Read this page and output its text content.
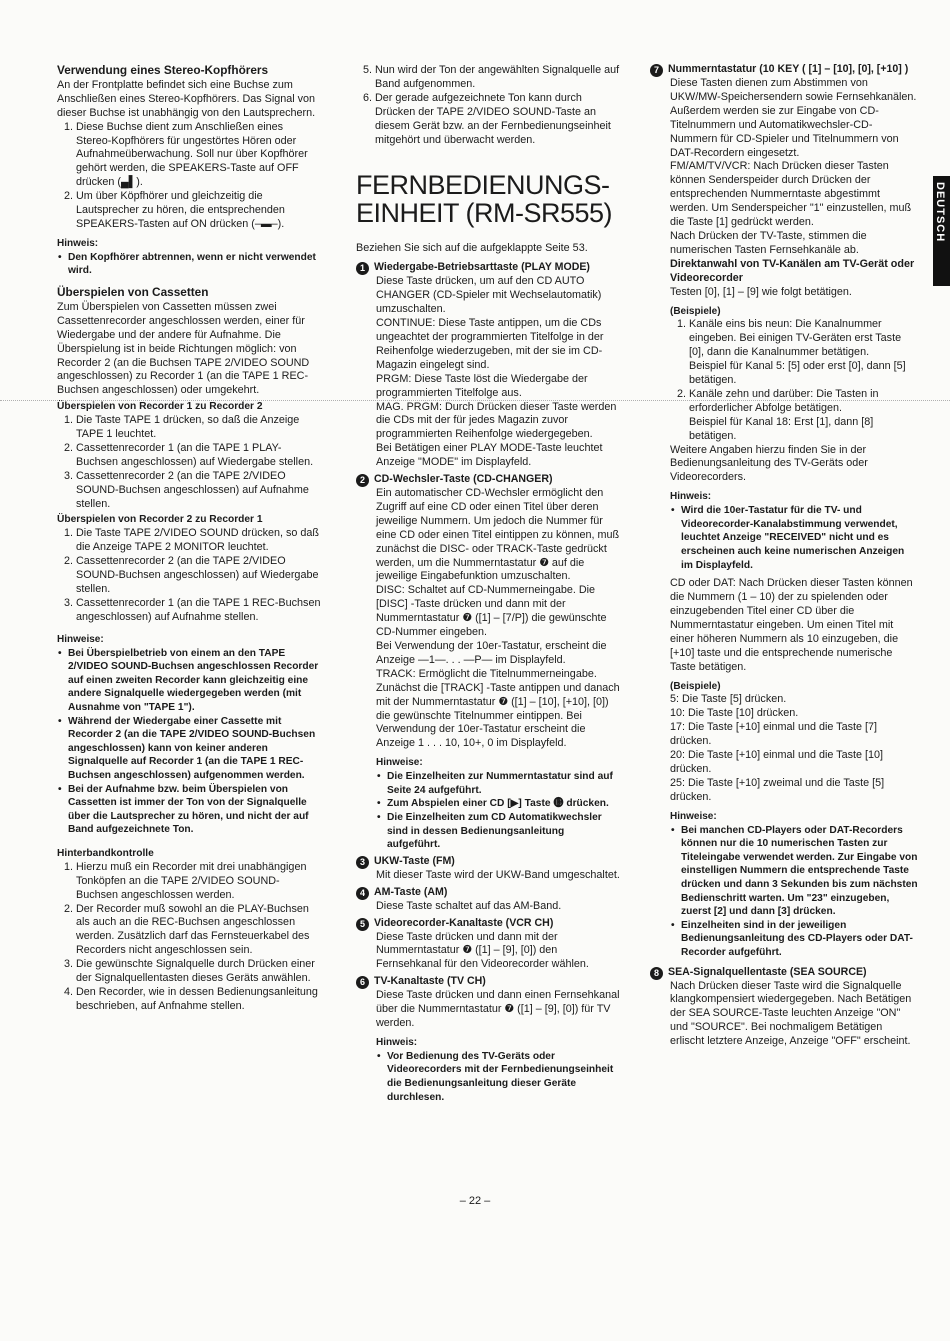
DEUTSCH

Verwendung eines Stereo-Kopfhörers

An der Frontplatte befindet sich eine Buchse zum Anschließen eines Stereo-Kopfhörers. Das Signal von dieser Buchse ist unabhängig von den Lautsprechern.

1. Diese Buchse dient zum Anschließen eines Stereo-Kopfhörers für ungestörtes Hören oder Aufnahmeüberwachung. Soll nur über Kopfhörer gehört werden, die SPEAKERS-Taste auf OFF drücken (▄▌).
2. Um über Köpfhörer und gleichzeitig die Lautsprecher zu hören, die entsprechenden SPEAKERS-Tasten auf ON drücken (–▬–).

Hinweis:

• Den Kopfhörer abtrennen, wenn er nicht verwendet wird.

Überspielen von Cassetten

Zum Überspielen von Cassetten müssen zwei Cassettenrecorder angeschlossen werden, einer für Wiedergabe und der andere für Aufnahme. Die Überspielung ist in beide Richtungen möglich: von Recorder 2 (an die Buchsen TAPE 2/VIDEO SOUND angeschlossen) zu Recorder 1 (an die TAPE 1 REC-Buchsen angeschlossen) oder umgekehrt.

Überspielen von Recorder 1 zu Recorder 2

1. Die Taste TAPE 1 drücken, so daß die Anzeige TAPE 1 leuchtet.
2. Cassettenrecorder 1 (an die TAPE 1 PLAY-Buchsen angeschlossen) auf Wiedergabe stellen.
3. Cassettenrecorder 2 (an die TAPE 2/VIDEO SOUND-Buchsen angeschlossen) auf Aufnahme stellen.

Überspielen von Recorder 2 zu Recorder 1

1. Die Taste TAPE 2/VIDEO SOUND drücken, so daß die Anzeige TAPE 2 MONITOR leuchtet.
2. Cassettenrecorder 2 (an die TAPE 2/VIDEO SOUND-Buchsen angeschlossen) auf Wiedergabe stellen.
3. Cassettenrecorder 1 (an die TAPE 1 REC-Buchsen angeschlossen) auf Aufnahme stellen.

Hinweise:

• Bei Überspielbetrieb von einem an den TAPE 2/VIDEO SOUND-Buchsen angeschlossen Recorder auf einen zweiten Recorder kann gleichzeitig eine andere Signalquelle wiedergegeben werden (mit Ausnahme von "TAPE 1").
• Während der Wiedergabe einer Cassette mit Recorder 2 (an die TAPE 2/VIDEO SOUND-Buchsen angeschlossen) kann von keiner anderen Signalquelle auf Recorder 1 (an die TAPE 1 REC-Buchsen angeschlossen) aufgenommen werden.
• Bei der Aufnahme bzw. beim Überspielen von Cassetten ist immer der Ton von der Signalquelle über die Lautsprecher zu hören, und nicht der auf Band aufgezeichnete Ton.

Hinterbandkontrolle

1. Hierzu muß ein Recorder mit drei unabhängigen Tonköpfen an die TAPE 2/VIDEO SOUND-Buchsen angeschlossen werden.
2. Der Recorder muß sowohl an die PLAY-Buchsen als auch an die REC-Buchsen angeschlossen werden. Zusätzlich darf das Fernsteuerkabel des Recorders nicht angeschlossen sein.
3. Die gewünschte Signalquelle durch Drücken einer der Signalquellentasten dieses Geräts anwählen.
4. Den Recorder, wie in dessen Bedienungsanleitung beschrieben, auf Anfnahme stellen.
5. Nun wird der Ton der angewählten Signalquelle auf Band aufgenommen.
6. Der gerade aufgezeichnete Ton kann durch Drücken der TAPE 2/VIDEO SOUND-Taste an diesem Gerät bzw. an der Fernbedienungseinheit mitgehört und überwacht werden.
FERNBEDIENUNGS-
EINHEIT (RM-SR555)

Beziehen Sie sich auf die aufgeklappte Seite 53.

1 Wiedergabe-Betriebsarttaste (PLAY MODE)

Diese Taste drücken, um auf den CD AUTO CHANGER (CD-Spieler mit Wechselautomatik) umzuschalten.

CONTINUE: Diese Taste antippen, um die CDs ungeachtet der programmierten Titelfolge in der Reihenfolge wiederzugeben, mit der sie im CD-Magazin eingelegt sind.

PRGM: Diese Taste löst die Wiedergabe der programmierten Titelfolge aus.

MAG. PRGM: Durch Drücken dieser Taste werden die CDs mit der für jedes Magazin zuvor programmierten Reihenfolge wiedergegeben.

Bei Betätigen einer PLAY MODE-Taste leuchtet Anzeige "MODE" im Displayfeld.

2 CD-Wechsler-Taste (CD-CHANGER)

Ein automatischer CD-Wechsler ermöglicht den Zugriff auf eine CD oder einen Titel über deren jeweilige Nummern. Um jedoch die Nummer für eine CD oder einen Titel eintippen zu können, muß zunächst die DISC- oder TRACK-Taste gedrückt werden, um die Nummerntastatur ❼ auf die jeweilige Eingabefunktion umzuschalten.

DISC: Schaltet auf CD-Nummerneingabe. Die [DISC] -Taste drücken und dann mit der Nummerntastatur ❼ ([1] – [7/P]) die gewünschte CD-Nummer eingeben.

Bei Verwendung der 10er-Tastatur, erscheint die Anzeige —1—. . . —P— im Displayfeld.

TRACK: Ermöglicht die Titelnummerneingabe. Zunächst die [TRACK] -Taste antippen und danach mit der Nummerntastatur ❼ ([1] – [10], [+10], [0]) die gewünschte Titelnummer eintippen. Bei Verwendung der 10er-Tastatur erscheint die Anzeige 1 . . . 10, 10+, 0 im Displayfeld.

Hinweise:

• Die Einzelheiten zur Nummerntastatur sind auf Seite 24 aufgeführt.
• Zum Abspielen einer CD [▶] Taste ⓭ drücken.
• Die Einzelheiten zum CD Automatikwechsler sind in dessen Bedienungsanleitung aufgeführt.

3 UKW-Taste (FM)

Mit dieser Taste wird der UKW-Band umgeschaltet.

4 AM-Taste (AM)

Diese Taste schaltet auf das AM-Band.

5 Videorecorder-Kanaltaste (VCR CH)

Diese Taste drücken und dann mit der Nummerntastatur ❼ ([1] – [9], [0]) den Fernsehkanal für den Videorecorder wählen.

6 TV-Kanaltaste (TV CH)

Diese Taste drücken und dann einen Fernsehkanal über die Nummerntastatur ❼ ([1] – [9], [0]) für TV werden.

Hinweis:

• Vor Bedienung des TV-Geräts oder Videorecorders mit der Fernbedienungseinheit die Bedienungsanleitung dieser Geräte durchlesen.

7 Nummerntastatur (10 KEY ( [1] – [10], [0], [+10] )

Diese Tasten dienen zum Abstimmen von UKW/MW-Speichersendern sowie Fernsehkanälen. Außerdem werden sie zur Eingabe von CD-Titelnummern und Automatikwechsler-CD-Nummern für CD-Spieler und Titelnummern von DAT-Recordern eingesetzt.

FM/AM/TV/VCR: Nach Drücken dieser Tasten können Senderspeider durch Drücken der entsprechenden Nummerntaste abgestimmt werden. Um Senderspeicher "1" einzustellen, muß die Taste [1] gedrückt werden.

Nach Drücken der TV-Taste, stimmen die numerischen Tasten Fernsehkanäle ab.

Direktanwahl von TV-Kanälen am TV-Gerät oder Videorecorder

Testen [0], [1] – [9] wie folgt betätigen.

(Beispiele)

1. Kanäle eins bis neun: Die Kanalnummer eingeben. Bei einigen TV-Geräten erst Taste [0], dann die Kanalnummer betätigen.
Beispiel für Kanal 5: [5] oder erst [0], dann [5] betätigen.
2. Kanäle zehn und darüber: Die Tasten in erforderlicher Abfolge betätigen.
Beispiel für Kanal 18: Erst [1], dann [8] betätigen.

Weitere Angaben hierzu finden Sie in der Bedienungsanleitung des TV-Geräts oder Videorecorders.

Hinweis:

• Wird die 10er-Tastatur für die TV- und Videorecorder-Kanalabstimmung verwendet, leuchtet Anzeige "RECEIVED" nicht und es erscheinen auch keine numerischen Anzeigen im Displayfeld.

CD oder DAT: Nach Drücken dieser Tasten können die Nummern (1 – 10) der zu spielenden oder einzugebenden Titel einer CD über die Nummerntastatur eingeben. Um einen Titel mit einer höheren Nummern als 10 einzugeben, die [+10] taste und die entsprechende numerische Taste betätigen.

(Beispiele)

5: Die Taste [5] drücken.

10: Die Taste [10] drücken.

17: Die Taste [+10] einmal und die Taste [7] drücken.

20: Die Taste [+10] einmal und die Taste [10] drücken.

25: Die Taste [+10] zweimal und die Taste [5] drücken.

Hinweise:

• Bei manchen CD-Players oder DAT-Recorders können nur die 10 numerischen Tasten zur Titeleingabe verwendet werden. Zur Eingabe von einstelligen Nummern die entsprechende Taste drücken und dann 3 Sekunden bis zum nächsten Bedienschritt warten. Um "23" einzugeben, zuerst [2] und dann [3] drücken.
• Einzelheiten sind in der jeweiligen Bedienungsanleitung des CD-Players oder DAT-Recorder aufgeführt.

8 SEA-Signalquellentaste (SEA SOURCE)

Nach Drücken dieser Taste wird die Signalquelle klangkompensiert wiedergegeben. Nach Betätigen der SEA SOURCE-Taste leuchten Anzeige "ON" und "SOURCE". Bei nochmaligem Betätigen erlischt letztere Anzeige, Anzeige "OFF" erscheint.

– 22 –
